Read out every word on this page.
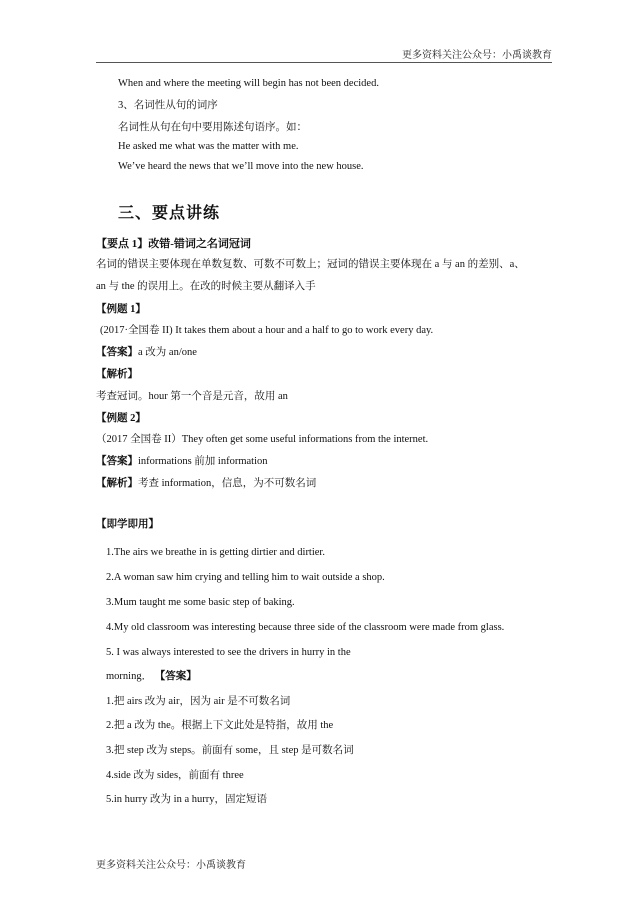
更多资料关注公众号：小禹谈教育
When and where the meeting will begin has not been decided.
3、名词性从句的词序
名词性从句在句中要用陈述句语序。如：
He asked me what was the matter with me.
We’ve heard the news that we’ll move into the new house.
三、要点讲练
【要点 1】改错-错词之名词冠词
名词的错误主要体现在单数复数、可数不可数上；冠词的错误主要体现在 a 与 an 的差别、a、
an 与 the 的误用上。在改的时候主要从翻译入手
【例题 1】
(2017·全国卷 II) It takes them about a hour and a half to go to work every day.
【答案】a 改为 an/one
【解析】
考查冠词。hour 第一个音是元音，故用 an
【例题 2】
（2017 全国卷 II）They often get some useful informations from the internet.
【答案】informations 前加 information
【解析】考查 information，信息，为不可数名词
【即学即用】
1.The airs we breathe in is getting dirtier and dirtier.
2.A woman saw him crying and telling him to wait outside a shop.
3.Mum taught me some basic step of baking.
4.My old classroom was interesting because three side of the classroom were made from glass.
5. I was always interested to see the drivers in hurry in the
morning． 【答案】
1.把 airs 改为 air，因为 air 是不可数名词
2.把 a 改为 the。根据上下文此处是特指，故用 the
3.把 step 改为 steps。前面有 some，且 step 是可数名词
4.side 改为 sides，前面有 three
5.in hurry 改为 in a hurry，固定短语
更多资料关注公众号：小禹谈教育
